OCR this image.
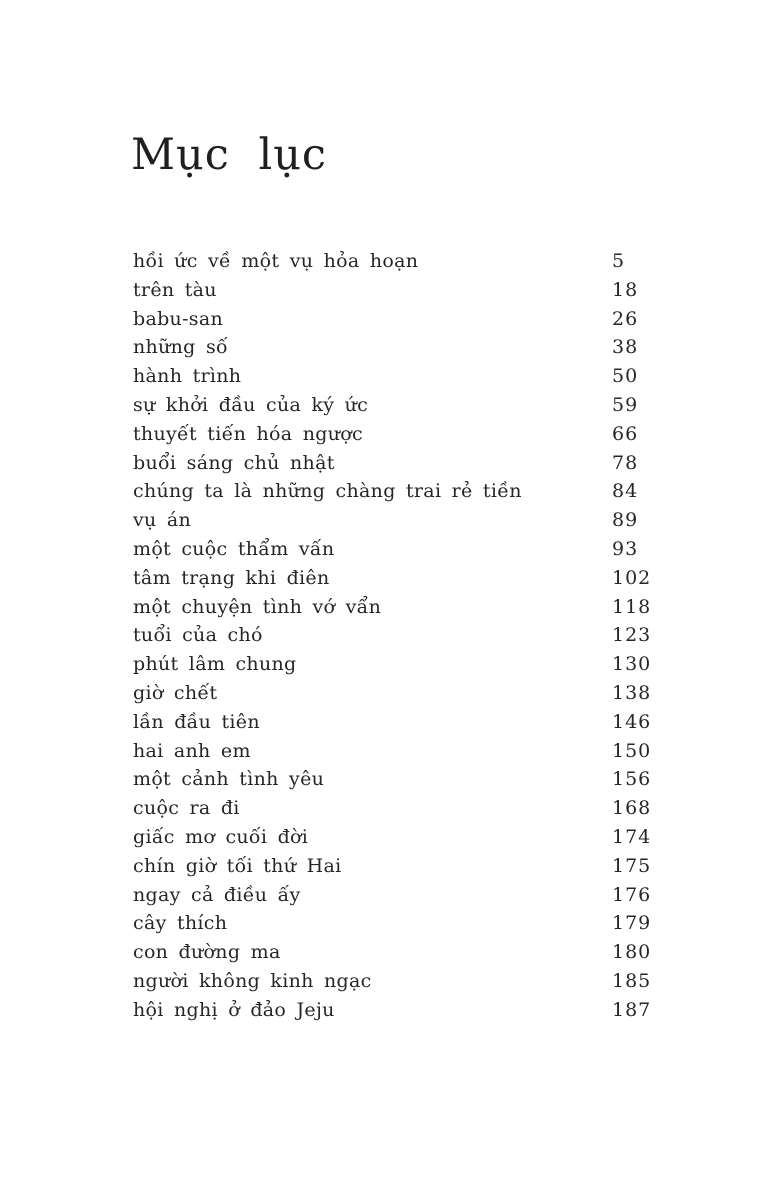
Mục lục
hồi ức về một vụ hỏa hoạn	5
trên tàu	18
babu-san	26
những số	38
hành trình	50
sự khởi đầu của ký ức	59
thuyết tiến hóa ngược	66
buổi sáng chủ nhật	78
chúng ta là những chàng trai rẻ tiền	84
vụ án	89
một cuộc thẩm vấn	93
tâm trạng khi điên	102
một chuyện tình vớ vẩn	118
tuổi của chó	123
phút lâm chung	130
giờ chết	138
lần đầu tiên	146
hai anh em	150
một cảnh tình yêu	156
cuộc ra đi	168
giấc mơ cuối đời	174
chín giờ tối thứ Hai	175
ngay cả điều ấy	176
cây thích	179
con đường ma	180
người không kinh ngạc	185
hội nghị ở đảo Jeju	187
